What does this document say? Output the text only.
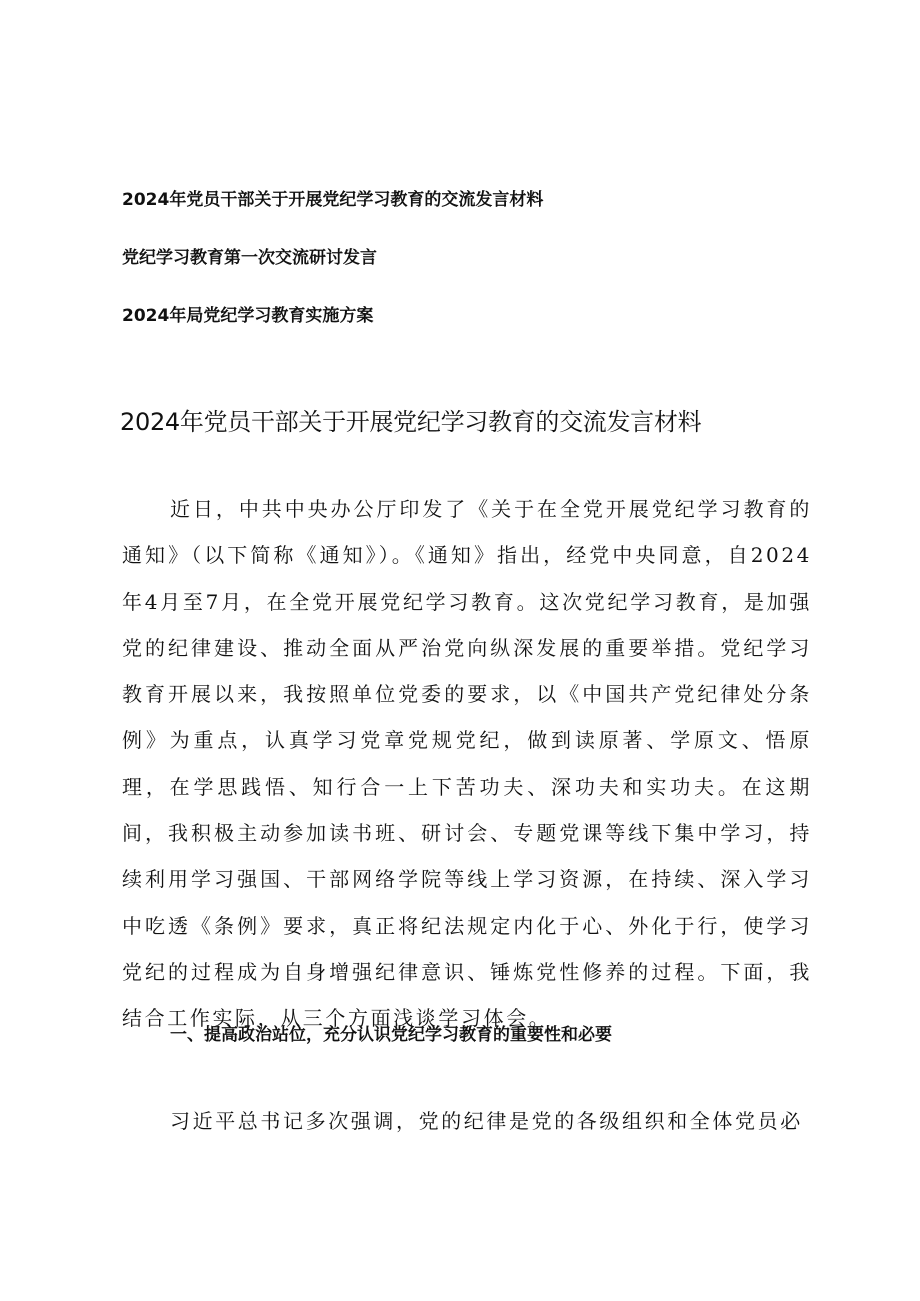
2024年党员干部关于开展党纪学习教育的交流发言材料

党纪学习教育第一次交流研讨发言

2024年局党纪学习教育实施方案

2024年党员干部关于开展党纪学习教育的交流发言材料

近日，中共中央办公厅印发了《关于在全党开展党纪学习教育的通知》（以下简称《通知》）。《通知》指出，经党中央同意，自2024年4月至7月，在全党开展党纪学习教育。这次党纪学习教育，是加强党的纪律建设、推动全面从严治党向纵深发展的重要举措。党纪学习教育开展以来，我按照单位党委的要求，以《中国共产党纪律处分条例》为重点，认真学习党章党规党纪，做到读原著、学原文、悟原理，在学思践悟、知行合一上下苦功夫、深功夫和实功夫。在这期间，我积极主动参加读书班、研讨会、专题党课等线下集中学习，持续利用学习强国、干部网络学院等线上学习资源，在持续、深入学习中吃透《条例》要求，真正将纪法规定内化于心、外化于行，使学习党纪的过程成为自身增强纪律意识、锤炼党性修养的过程。下面，我结合工作实际，从三个方面浅谈学习体会。

一、提高政治站位，充分认识党纪学习教育的重要性和必要

习近平总书记多次强调，党的纪律是党的各级组织和全体党员必
